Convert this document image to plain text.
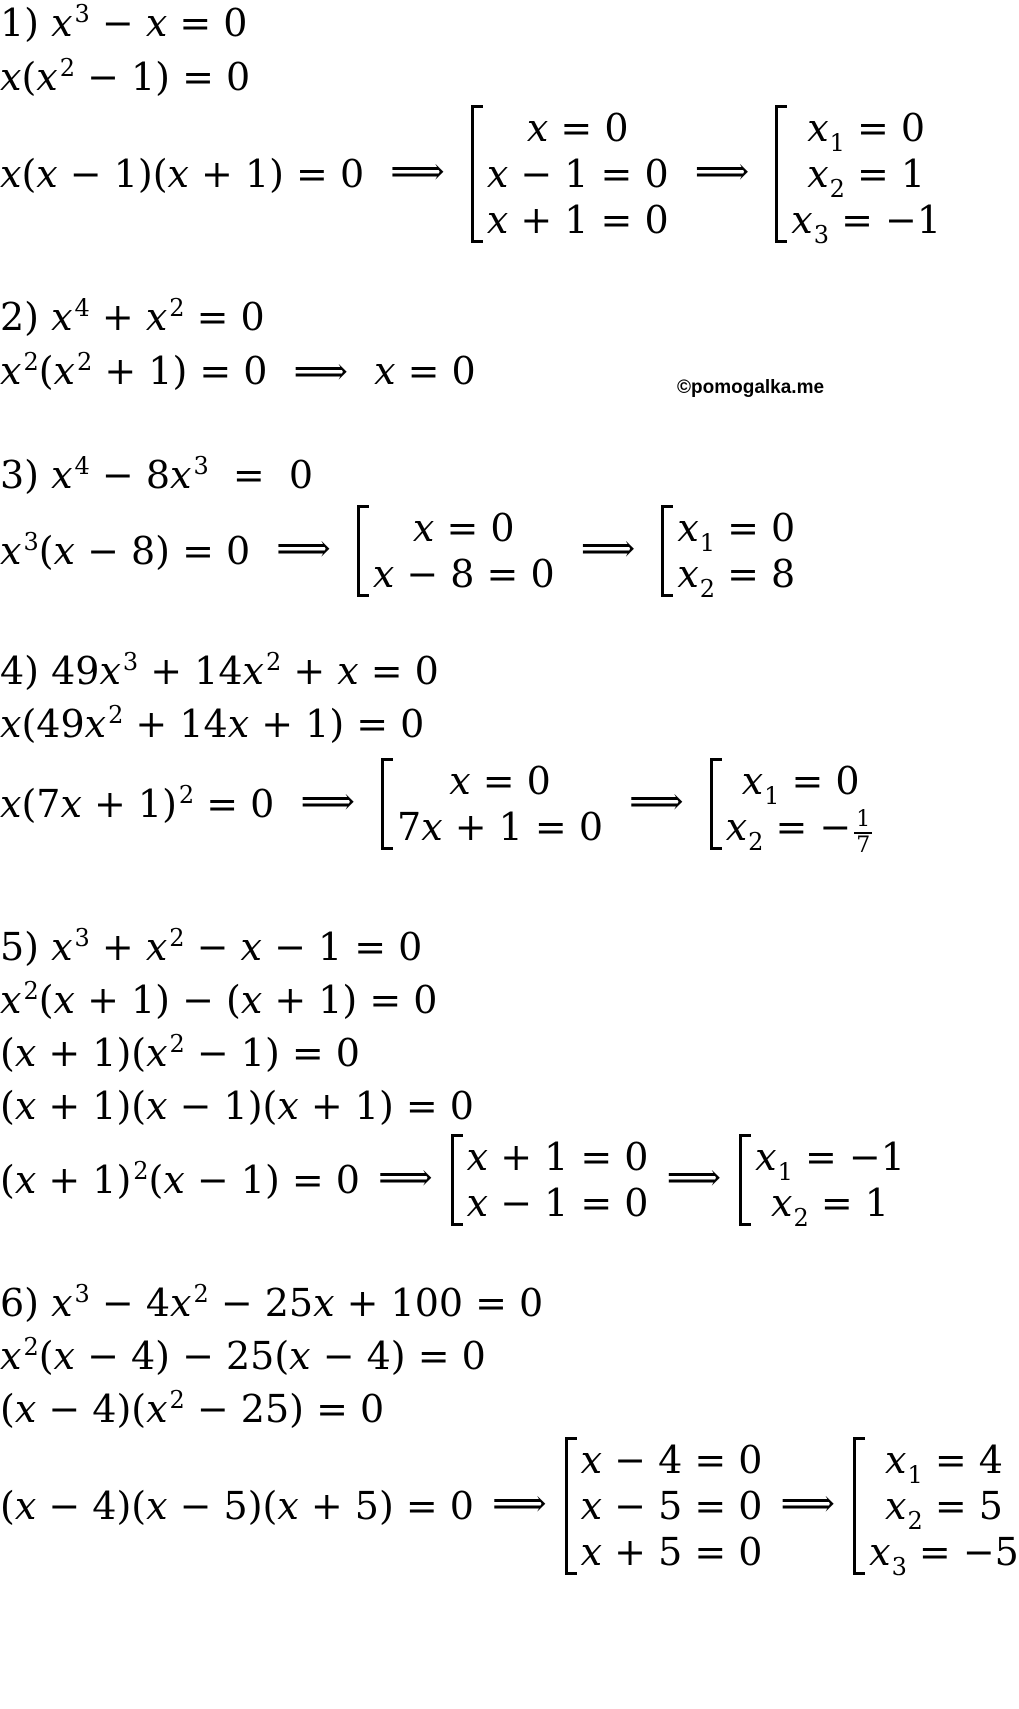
1) $x^3 - x = 0$
$x(x^2 - 1) = 0$
x(x − 1)(x + 1) = 0 ⟹
x = 0
x − 1 = 0
x + 1 = 0
⟹
$x_1 = 0$
$x_2 = 1$
$x_3 = -1$
2) $x^4 + x^2 = 0$
$x^2(x^2 + 1) = 0$ ⟹ x = 0	©pomogalka.me
3) $x^4 - 8x^3 = 0$
$x^3(x - 8) = 0$ ⟹	x = 0
x − 8 = 0
⟹ $x_1 = 0$
$x_2 = 8$
4) $49x^3 + 14x^2 + x = 0$
$x(49x^2 + 14x + 1) = 0$
$x(7x + 1)^2 = 0$ ⟹	x = 0
7x + 1 = 0
⟹	$x_1 = 0$
$x_2$ = − $\frac{1}{7}$
5) $x^3 + x^2 - x - 1 = 0$
$x^2(x + 1) - (x + 1) = 0$
$(x + 1)(x^2 - 1) = 0$
(x + 1)(x − 1)(x + 1) = 0
$(x + 1)^2(x - 1) = 0$ ⟹ x + 1 = 0
x − 1 = 0
⟹ $x_1 = -1$
$x_2 = 1$
6) $x^3 - 4x^2 - 25x + 100 = 0$
$x^2(x - 4) - 25(x - 4) = 0$
$(x - 4)(x^2 - 25) = 0$
(x − 4)(x − 5)(x + 5) = 0 ⟹
x − 4 = 0
x − 5 = 0
x + 5 = 0
⟹
$x_1 = 4$
$x_2 = 5$
$x_3 = -5$
